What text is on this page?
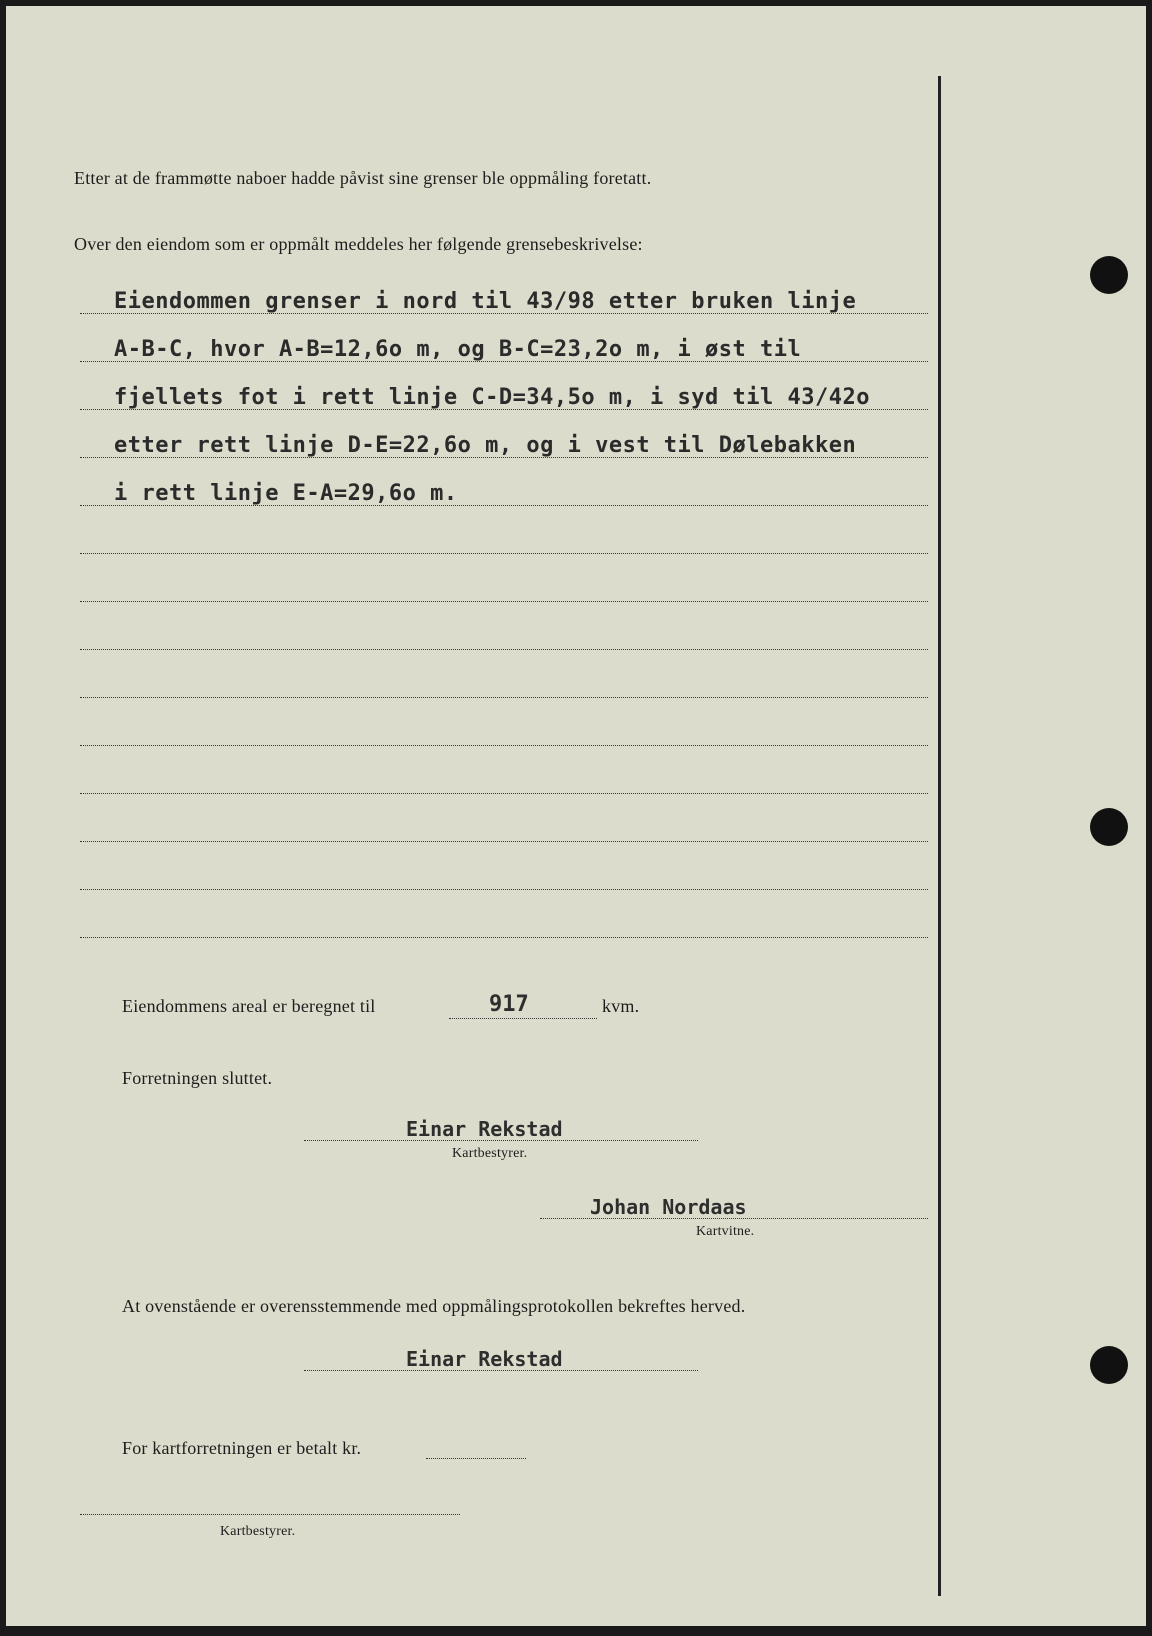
Etter at de frammøtte naboer hadde påvist sine grenser ble oppmåling foretatt.
Over den eiendom som er oppmålt meddeles her følgende grensebeskrivelse:
Eiendommen grenser i nord til 43/98 etter bruken linje
A-B-C, hvor A-B=12,6o m, og B-C=23,2o m, i øst til
fjellets fot i rett linje C-D=34,5o m, i syd til 43/42o
etter rett linje D-E=22,6o m, og i vest til Dølebakken
i rett linje E-A=29,6o m.
Eiendommens areal er beregnet til	917	kvm.
Forretningen sluttet.
Einar Rekstad
Kartbestyrer.
Johan Nordaas
Kartvitne.
At ovenstående er overensstemmende med oppmålingsprotokollen bekreftes herved.
Einar Rekstad
For kartforretningen er betalt kr.
Kartbestyrer.
